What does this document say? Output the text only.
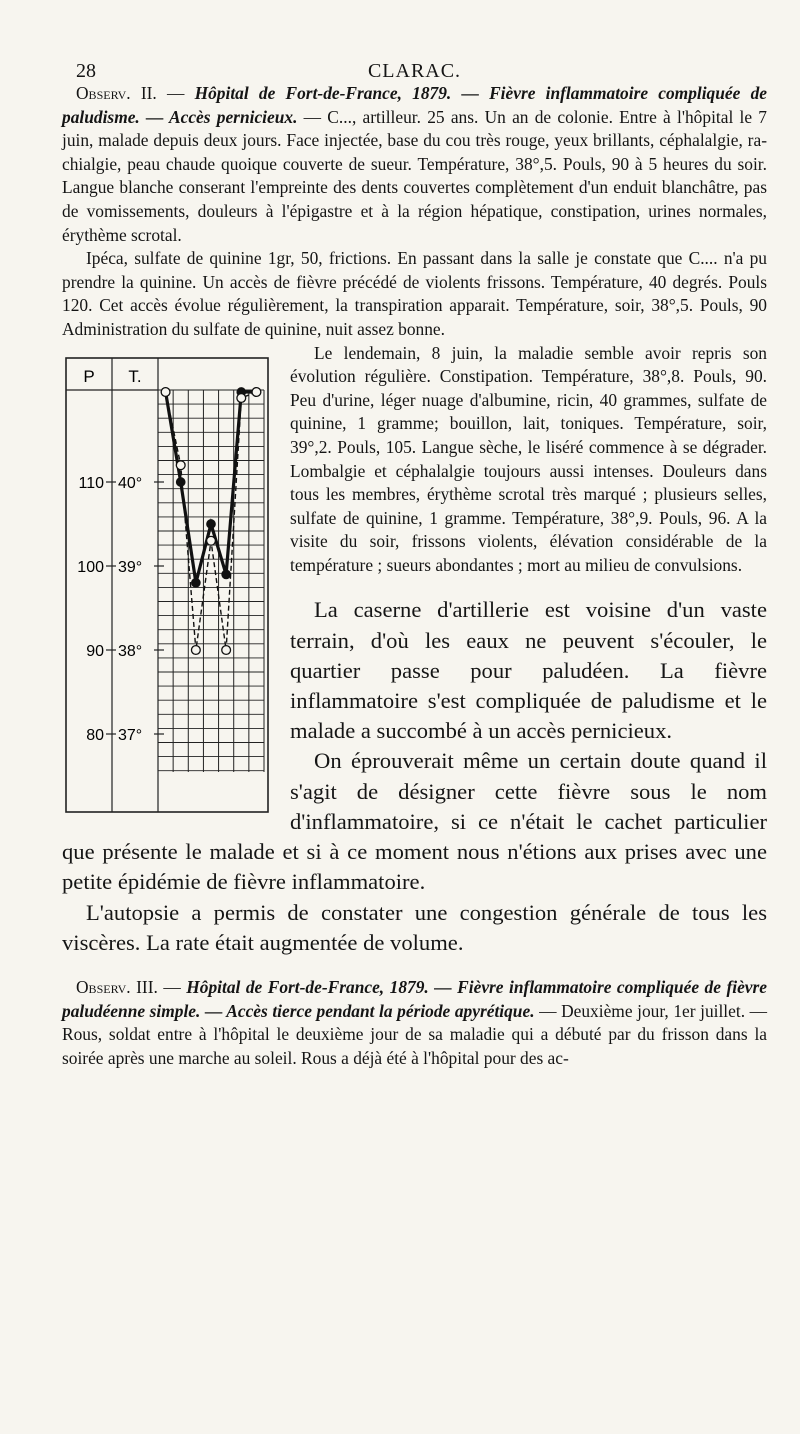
28	CLARAC.

Observ. II. — Hôpital de Fort-de-France, 1879. — Fièvre inflammatoire compliquée de paludisme. — Accès pernicieux. — C..., artilleur. 25 ans. Un an de colonie. Entre à l'hôpital le 7 juin, malade depuis deux jours. Face injectée, base du cou très rouge, yeux brillants, céphalalgie, rachialgie, peau chaude quoique couverte de sueur. Température, 38°,5. Pouls, 90 à 5 heures du soir. Langue blanche conserant l'empreinte des dents couvertes complètement d'un enduit blanchâtre, pas de vomissements, douleurs à l'épigastre et à la région hépatique, constipation, urines normales, érythème scrotal.

Ipéca, sulfate de quinine 1gr, 50, frictions. En passant dans la salle je constate que C.... n'a pu prendre la quinine. Un accès de fièvre précédé de violents frissons. Température, 40 degrés. Pouls 120. Cet accès évolue régulièrement, la transpiration apparait. Température, soir, 38°,5. Pouls, 90 Administration du sulfate de quinine, nuit assez bonne.

P T.
110 40°
100 39°
90 38°
80 37°

Le lendemain, 8 juin, la maladie semble avoir repris son évolution régulière. Constipation. Température, 38°,8. Pouls, 90. Peu d'urine, léger nuage d'albumine, ricin, 40 grammes, sulfate de quinine, 1 gramme; bouillon, lait, toniques. Température, soir, 39°,2. Pouls, 105. Langue sèche, le liséré commence à se dégrader. Lombalgie et céphalalgie toujours aussi intenses. Douleurs dans tous les membres, érythème scrotal très marqué ; plusieurs selles, sulfate de quinine, 1 gramme. Température, 38°,9. Pouls, 96. A la visite du soir, frissons violents, élévation considérable de la température ; sueurs abondantes ; mort au milieu de convulsions.

La caserne d'artillerie est voisine d'un vaste terrain, d'où les eaux ne peuvent s'écouler, le quartier passe pour paludéen. La fièvre inflammatoire s'est compliquée de paludisme et le malade a succombé à un accès pernicieux.

On éprouverait même un certain doute quand il s'agit de désigner cette fièvre sous le nom d'inflammatoire, si ce n'était le cachet particulier que présente le malade et si à ce moment nous n'étions aux prises avec une petite épidémie de fièvre inflammatoire.

L'autopsie a permis de constater une congestion générale de tous les viscères. La rate était augmentée de volume.

Observ. III. — Hôpital de Fort-de-France, 1879. — Fièvre inflammatoire compliquée de fièvre paludéenne simple. — Accès tierce pendant la période apyrétique. — Deuxième jour, 1er juillet. — Rous, soldat entre à l'hôpital le deuxième jour de sa maladie qui a débuté par du frisson dans la soirée après une marche au soleil. Rous a déjà été à l'hôpital pour des ac-
